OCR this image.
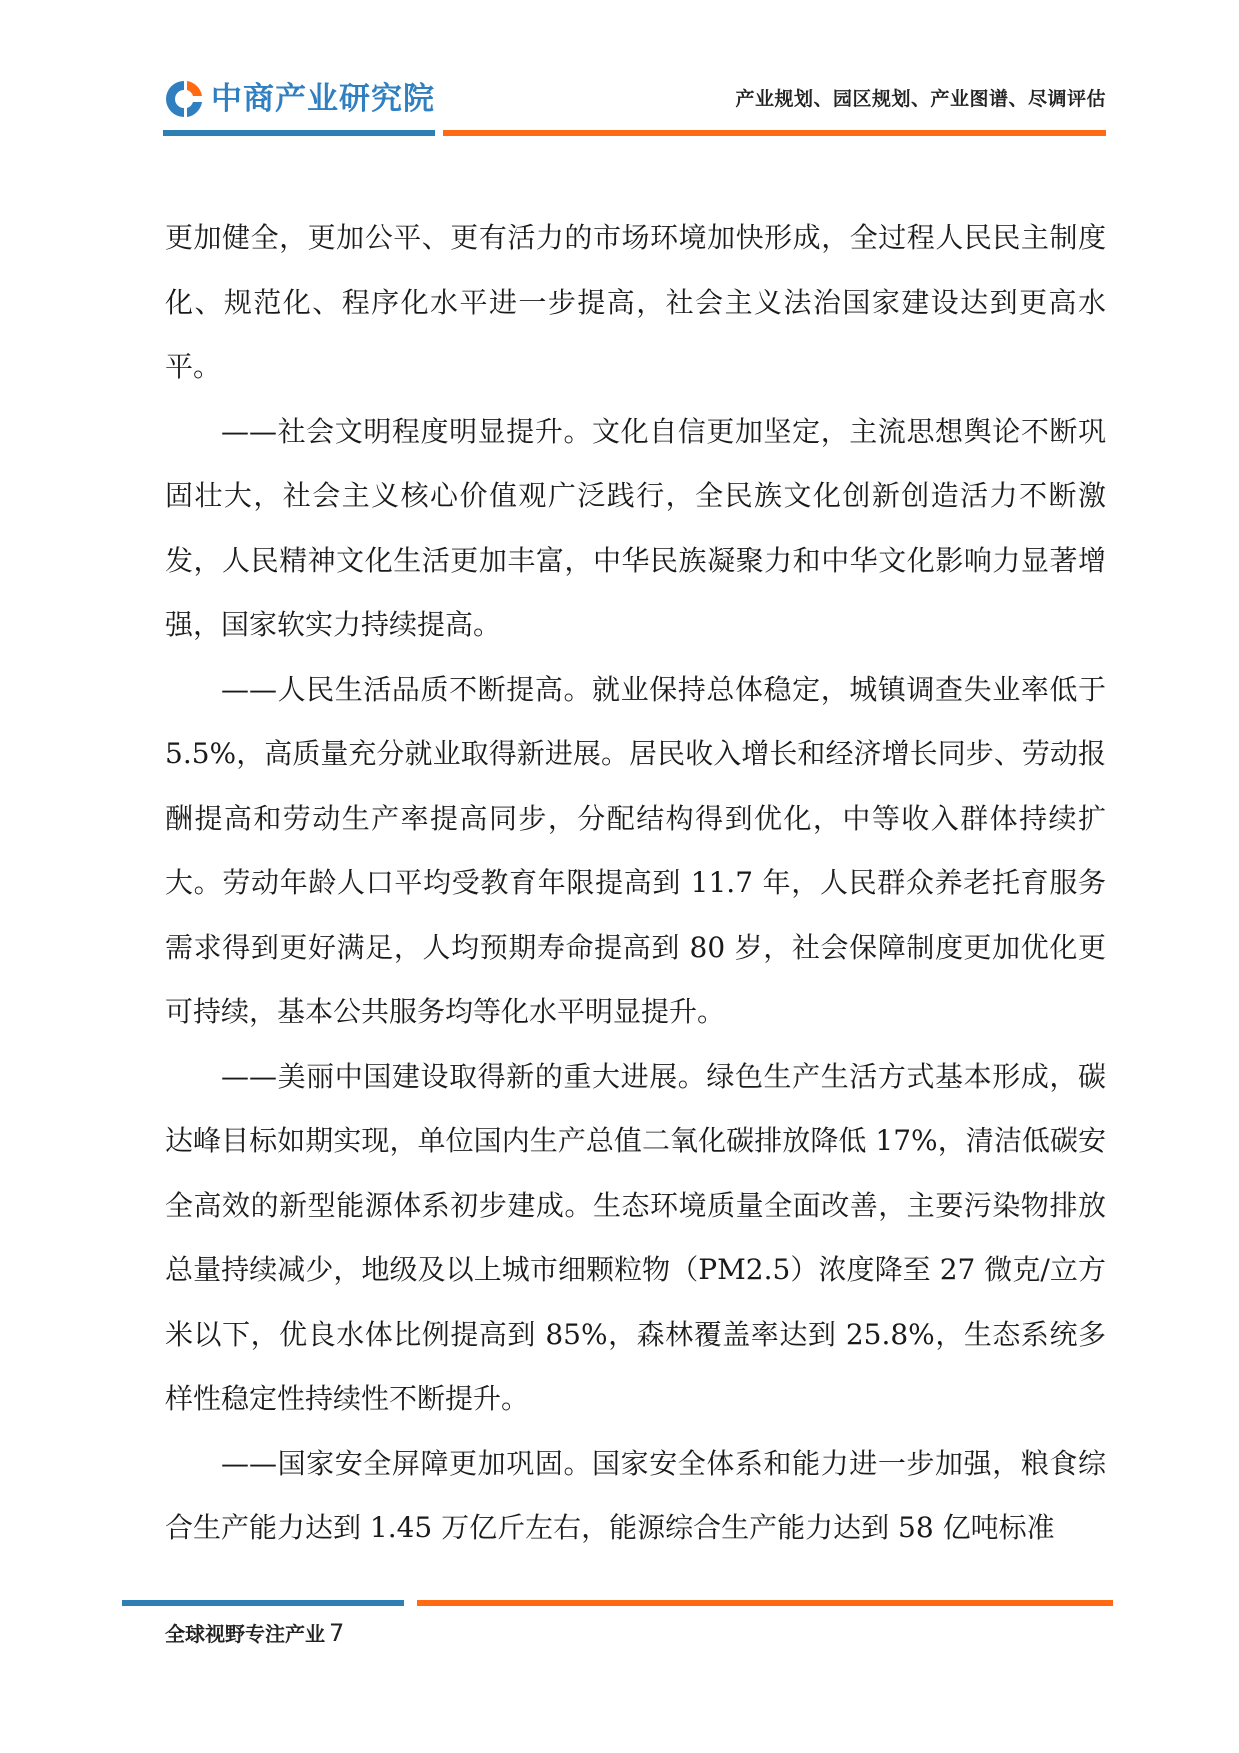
中商产业研究院	产业规划、园区规划、产业图谱、尽调评估

更加健全，更加公平、更有活力的市场环境加快形成，全过程人民民主制度化、规范化、程序化水平进一步提高，社会主义法治国家建设达到更高水平。

——社会文明程度明显提升。文化自信更加坚定，主流思想舆论不断巩固壮大，社会主义核心价值观广泛践行，全民族文化创新创造活力不断激发，人民精神文化生活更加丰富，中华民族凝聚力和中华文化影响力显著增强，国家软实力持续提高。

——人民生活品质不断提高。就业保持总体稳定，城镇调查失业率低于 5.5%，高质量充分就业取得新进展。居民收入增长和经济增长同步、劳动报酬提高和劳动生产率提高同步，分配结构得到优化，中等收入群体持续扩大。劳动年龄人口平均受教育年限提高到 11.7 年，人民群众养老托育服务需求得到更好满足，人均预期寿命提高到 80 岁，社会保障制度更加优化更可持续，基本公共服务均等化水平明显提升。

——美丽中国建设取得新的重大进展。绿色生产生活方式基本形成，碳达峰目标如期实现，单位国内生产总值二氧化碳排放降低 17%，清洁低碳安全高效的新型能源体系初步建成。生态环境质量全面改善，主要污染物排放总量持续减少，地级及以上城市细颗粒物（PM2.5）浓度降至 27 微克/立方米以下，优良水体比例提高到 85%，森林覆盖率达到 25.8%，生态系统多样性稳定性持续性不断提升。

——国家安全屏障更加巩固。国家安全体系和能力进一步加强，粮食综合生产能力达到 1.45 万亿斤左右，能源综合生产能力达到 58 亿吨标准

全球视野专注产业 7
